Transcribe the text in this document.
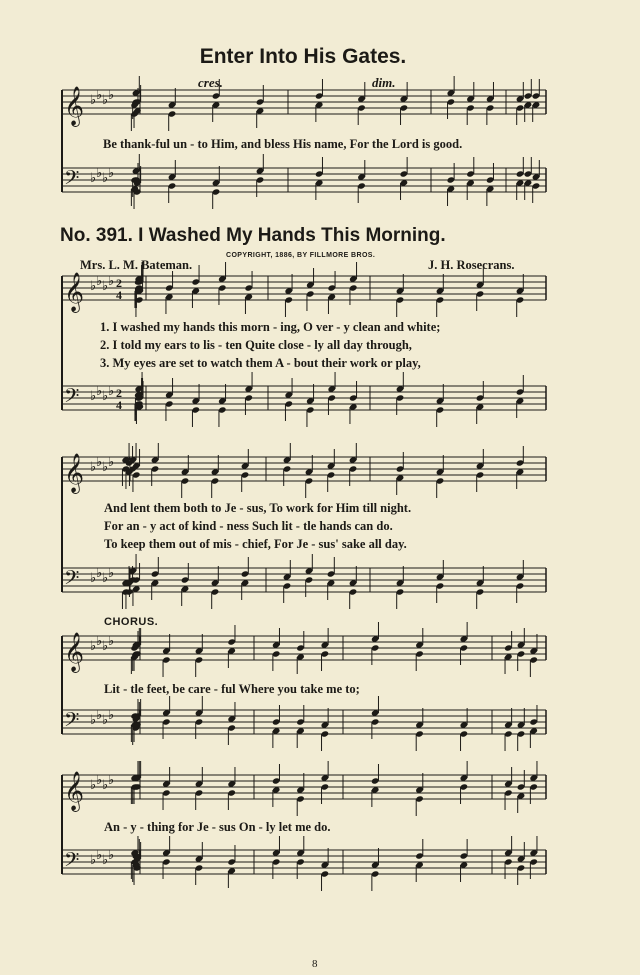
𝄞 ♭ ♭ ♭ ♭
𝄢 ♭ ♭ ♭ ♭
𝄞 ♭ ♭ ♭ ♭
𝄢 ♭ ♭ ♭ ♭
2
4
2
4
𝄞 ♭ ♭ ♭ ♭
𝄢 ♭ ♭ ♭ ♭
𝄞 ♭ ♭ ♭ ♭
𝄢 ♭ ♭ ♭ ♭
𝄞 ♭ ♭ ♭ ♭
𝄢 ♭ ♭ ♭ ♭
Enter Into His Gates.
cres.	dim.
Be thank-ful un - to Him, and bless His name, For the Lord is good.
No. 391. I Washed My Hands This Morning.
Mrs. L. M. Bateman.
COPYRIGHT, 1886, BY FILLMORE BROS.
J. H. Rosecrans.
1. I washed my hands this morn - ing, O ver - y clean and white;
2. I told my ears to lis - ten Quite close - ly all day through,
3. My eyes are set to watch them A - bout their work or play,
And lent them both to Je - sus, To work for Him till night.
For an - y act of kind - ness Such lit - tle hands can do.
To keep them out of mis - chief, For Je - sus' sake all day.
CHORUS.
Lit - tle feet, be care - ful Where you take me to;
An - y - thing for Je - sus On - ly let me do.
8
